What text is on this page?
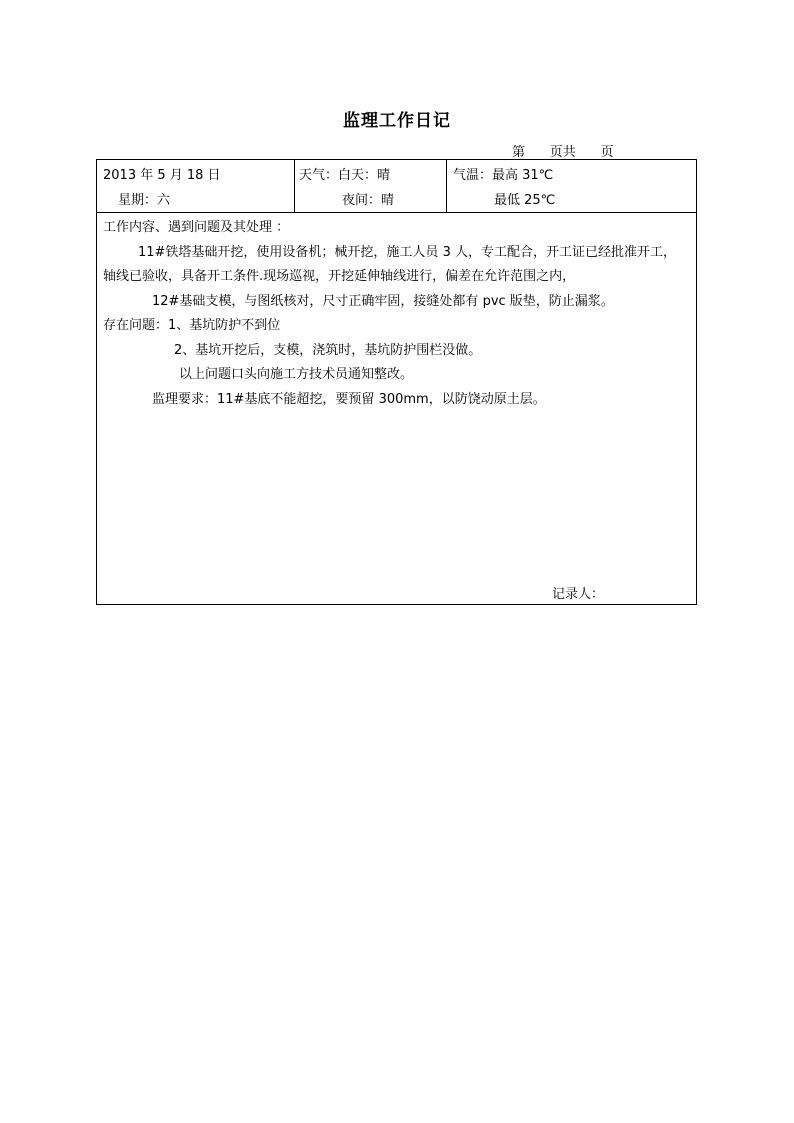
监理工作日记
第      页共      页
2013 年 5 月 18 日
星期：六
天气：白天：晴
夜间：晴
气温：最高 31℃
最低 25℃
工作内容、遇到问题及其处理 ：
11#铁塔基础开挖，使用设备机；械开挖，施工人员 3 人，专工配合，开工证已经批准开工，
轴线已验收，具备开工条件.现场巡视，开挖延伸轴线进行，偏差在允许范围之内，
12#基础支模，与图纸核对，尺寸正确牢固，接缝处都有 pvc 版垫，防止漏浆。
存在问题：1、基坑防护不到位
2、基坑开挖后，支模，浇筑时，基坑防护围栏没做。
以上问题口头向施工方技术员通知整改。
监理要求：11#基底不能超挖，要预留 300mm，以防饶动原土层。
记录人：
